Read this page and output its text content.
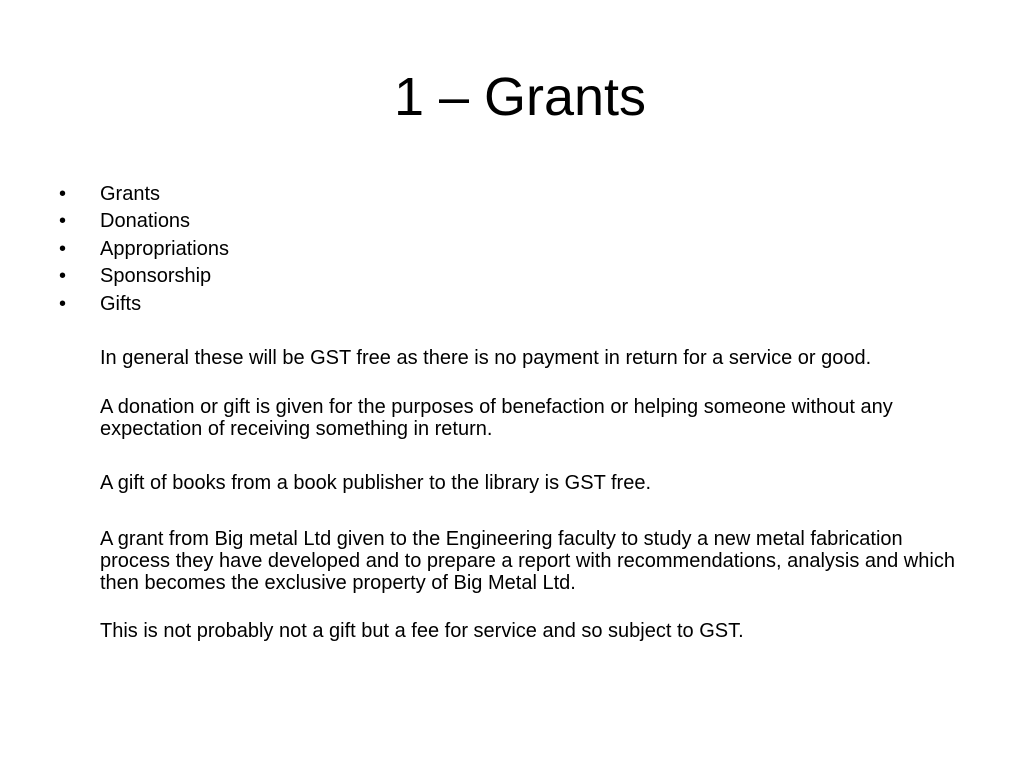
1 – Grants
• Grants
• Donations
• Appropriations
• Sponsorship
• Gifts

In general these will be GST free as there is no payment in return for a service or good.

A donation or gift is given for the purposes of benefaction or helping someone without any expectation of receiving something in return.

A gift of books from a book publisher to the library is GST free.

A grant from Big metal Ltd given to the Engineering faculty to study a new metal fabrication process they have developed and to prepare a report with recommendations, analysis and which then becomes the exclusive property of Big Metal Ltd.

This is not probably not a gift but a fee for service and so subject to GST.
